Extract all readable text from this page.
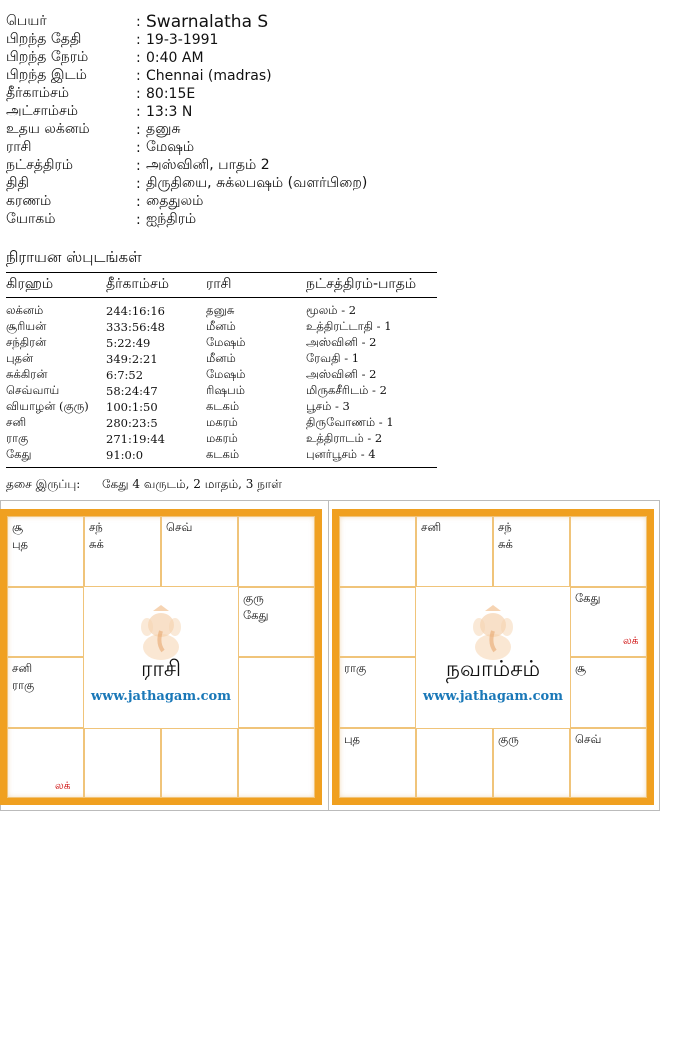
பெயர்	: Swarnalatha S
பிறந்த தேதி	: 19-3-1991
பிறந்த நேரம்	: 0:40 AM
பிறந்த இடம்	: Chennai (madras)
தீர்காம்சம்	: 80:15E
அட்சாம்சம்	: 13:3 N
உதய லக்னம்	: தனுசு
ராசி	: மேஷம்
நட்சத்திரம்	: அஸ்வினி, பாதம் 2
திதி	: திருதியை, சுக்லபஷம் (வளர்பிறை)
கரணம்	: தைதுலம்
யோகம்	: ஐந்திரம்
நிராயன ஸ்புடங்கள்
கிரஹம்	தீர்காம்சம்	ராசி	நட்சத்திரம்-பாதம்
லக்னம்	244:16:16	தனுசு	மூலம் - 2
சூரியன்	333:56:48	மீனம்	உத்திரட்டாதி - 1
சந்திரன்	5:22:49	மேஷம்	அஸ்வினி - 2
புதன்	349:2:21	மீனம்	ரேவதி - 1
சுக்கிரன்	6:7:52	மேஷம்	அஸ்வினி - 2
செவ்வாய்	58:24:47	ரிஷபம்	மிருகசீரிடம் - 2
வியாழன் (குரு)	100:1:50	கடகம்	பூசம் - 3
சனி	280:23:5	மகரம்	திருவோணம் - 1
ராகு	271:19:44	மகரம்	உத்திராடம் - 2
கேது	91:0:0	கடகம்	புனர்பூசம் - 4
தசை இருப்பு: கேது 4 வருடம், 2 மாதம், 3 நாள்
சூ
புத
சந்
சுக்
செவ்
குரு
கேது
சனி
ராகு
லக்
ராசி
www.jathagam.com
சனி	சந்
சுக்
கேது
ராகு	சூ
புத	குரு	செவ்
லக்
நவாம்சம்
www.jathagam.com
